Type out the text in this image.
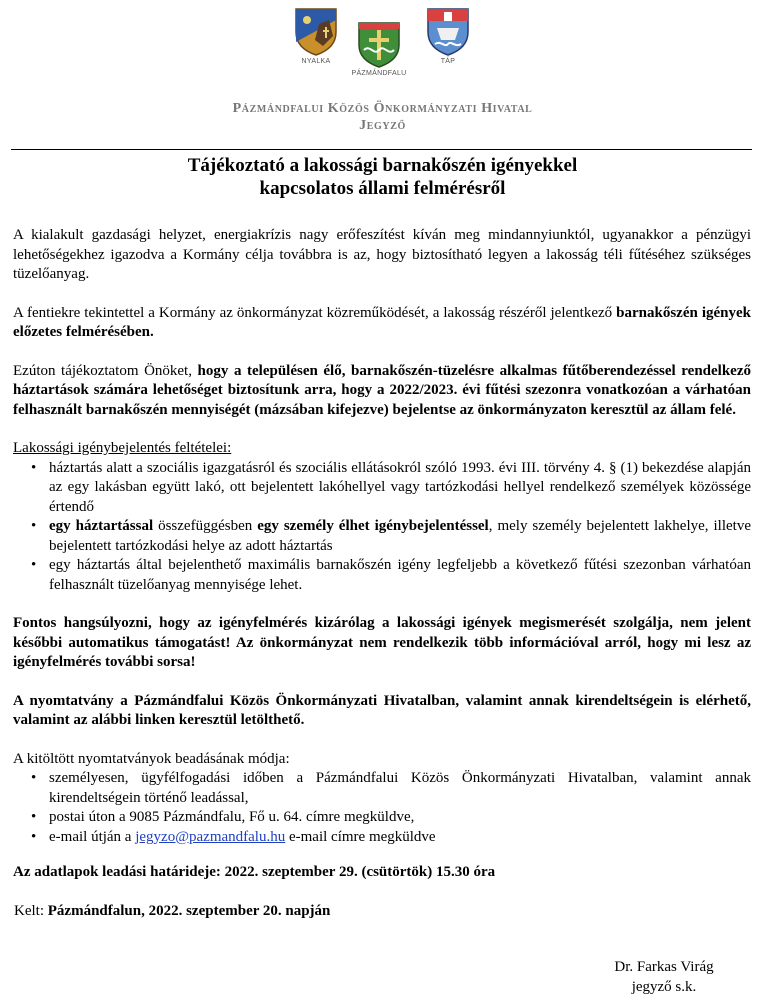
NYALKA
PÁZMÁNDFALU
TÁP
Pázmándfalui Közös Önkormányzati Hivatal
Jegyző
Tájékoztató a lakossági barnakőszén igényekkel
kapcsolatos állami felmérésről

A kialakult gazdasági helyzet, energiakrízis nagy erőfeszítést kíván meg mindannyiunktól, ugyanakkor a pénzügyi lehetőségekhez igazodva a Kormány célja továbbra is az, hogy biztosítható legyen a lakosság téli fűtéséhez szükséges tüzelőanyag.

A fentiekre tekintettel a Kormány az önkormányzat közreműködését, a lakosság részéről jelentkező barnakőszén igények előzetes felmérésében.

Ezúton tájékoztatom Önöket, hogy a településen élő, barnakőszén-tüzelésre alkalmas fűtőberendezéssel rendelkező háztartások számára lehetőséget biztosítunk arra, hogy a 2022/2023. évi fűtési szezonra vonatkozóan a várhatóan felhasznált barnakőszén mennyiségét (mázsában kifejezve) bejelentse az önkormányzaton keresztül az állam felé.

Lakossági igénybejelentés feltételei:
• háztartás alatt a szociális igazgatásról és szociális ellátásokról szóló 1993. évi III. törvény 4. § (1) bekezdése alapján az egy lakásban együtt lakó, ott bejelentett lakóhellyel vagy tartózkodási hellyel rendelkező személyek közössége értendő
• egy háztartással összefüggésben egy személy élhet igénybejelentéssel, mely személy bejelentett lakhelye, illetve bejelentett tartózkodási helye az adott háztartás
• egy háztartás által bejelenthető maximális barnakőszén igény legfeljebb a következő fűtési szezonban várhatóan felhasznált tüzelőanyag mennyisége lehet.

Fontos hangsúlyozni, hogy az igényfelmérés kizárólag a lakossági igények megismerését szolgálja, nem jelent későbbi automatikus támogatást! Az önkormányzat nem rendelkezik több információval arról, hogy mi lesz az igényfelmérés további sorsa!

A nyomtatvány a Pázmándfalui Közös Önkormányzati Hivatalban, valamint annak kirendeltségein is elérhető, valamint az alábbi linken keresztül letölthető.

A kitöltött nyomtatványok beadásának módja:
• személyesen, ügyfélfogadási időben a Pázmándfalui Közös Önkormányzati Hivatalban, valamint annak kirendeltségein történő leadással,
• postai úton a 9085 Pázmándfalu, Fő u. 64. címre megküldve,
• e-mail útján a jegyzo@pazmandfalu.hu e-mail címre megküldve

Az adatlapok leadási határideje: 2022. szeptember 29. (csütörtök) 15.30 óra

Kelt: Pázmándfalun, 2022. szeptember 20. napján
Dr. Farkas Virág
jegyző s.k.
